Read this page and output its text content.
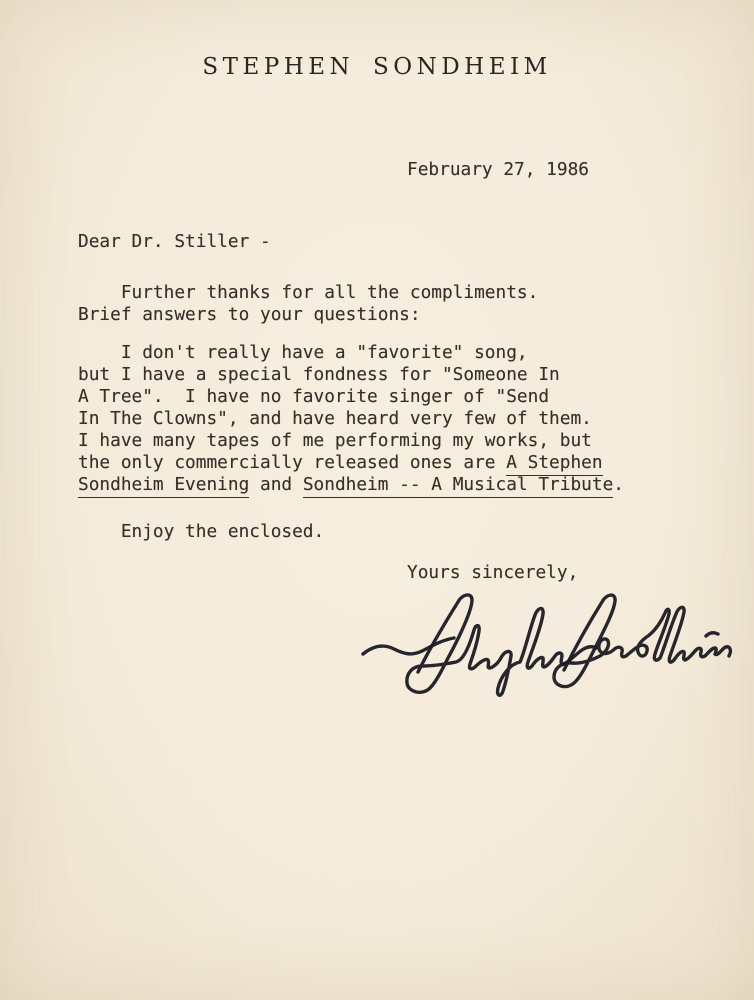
STEPHEN SONDHEIM
February 27, 1986
Dear Dr. Stiller -
Further thanks for all the compliments.
Brief answers to your questions:
I don't really have a "favorite" song,
but I have a special fondness for "Someone In
A Tree".  I have no favorite singer of "Send
In The Clowns", and have heard very few of them.
I have many tapes of me performing my works, but
the only commercially released ones are A Stephen
Sondheim Evening and Sondheim -- A Musical Tribute.
Enjoy the enclosed.
Yours sincerely,
